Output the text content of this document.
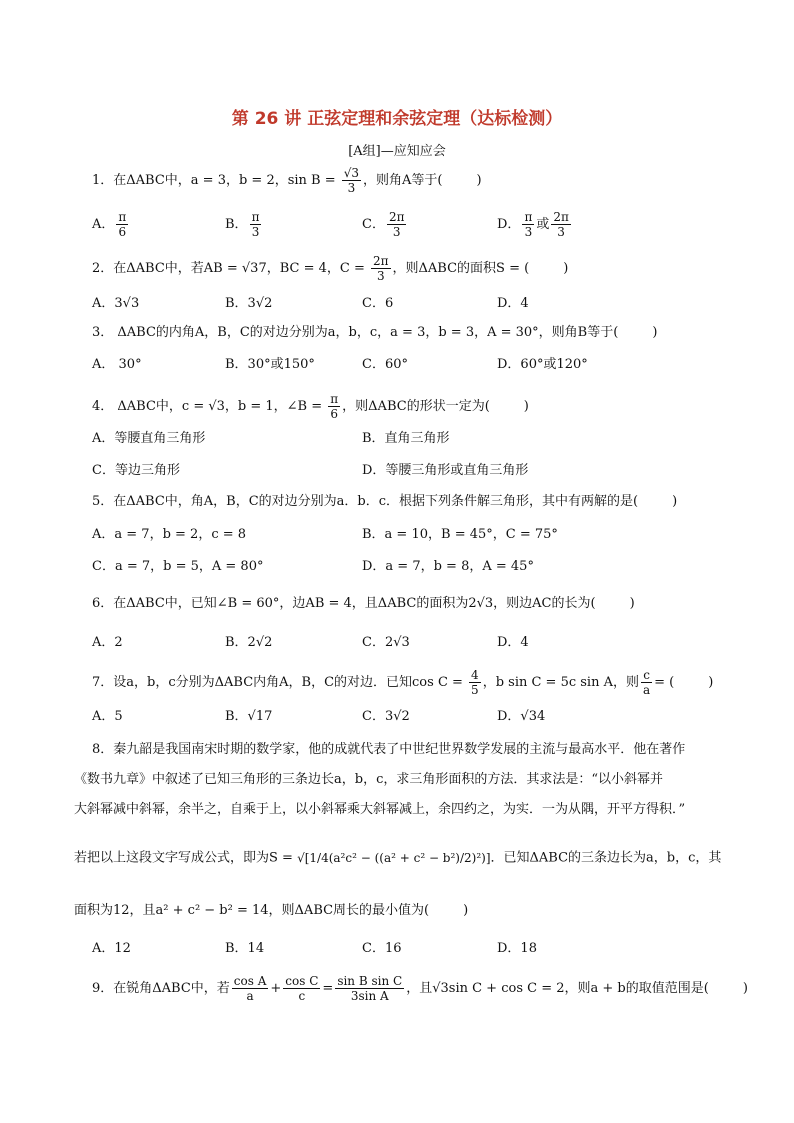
第 26 讲 正弦定理和余弦定理（达标检测）
[A组]—应知应会
1．在ΔABC中，a = 3，b = 2，$\sin B = \frac{√3}{3}$ ，则角A等于(	)
A． $\frac{\pi}{6}$	B． $\frac{\pi}{3}$	C． $\frac{2\pi}{3}$	D． $\frac{\pi}{3}$ 或 $\frac{2\pi}{3}$
2．在ΔABC中，若AB = √37，BC = 4，$C = \frac{2\pi}{3}$ ，则ΔABC的面积S = (	)
A．3√3	B．3√2	C．6	D．4
3． ΔABC的内角A，B，C的对边分别为a，b，c，a = 3，b = 3，A = 30°，则角B等于(	)
A． 30°	B．30°或150°	C．60°	D．60°或120°
4． ΔABC中，c = √3，b = 1，∠B = $\frac{\pi}{6}$ ，则ΔABC的形状一定为(	)
A．等腰直角三角形	B．直角三角形
C．等边三角形	D．等腰三角形或直角三角形
5．在ΔABC中，角A，B，C的对边分别为a．b．c．根据下列条件解三角形，其中有两解的是(	)
A．a = 7，b = 2，c = 8	B．a = 10，B = 45°，C = 75°
C．a = 7，b = 5，A = 80°	D．a = 7，b = 8，A = 45°
6．在ΔABC中，已知∠B = 60°，边AB = 4，且ΔABC的面积为2√3，则边AC的长为(	)
A．2	B．2√2	C．2√3	D．4
7．设a，b，c分别为ΔABC内角A，B，C的对边．已知$\cos C = \frac{4}{5}$ ，b sin C = 5c sin A，则 $\frac{c}{a}$ = (	)
A．5	B．√17	C．3√2	D．√34
8．秦九韶是我国南宋时期的数学家，他的成就代表了中世纪世界数学发展的主流与最高水平．他在著作
《数书九章》中叙述了已知三角形的三条边长a，b，c，求三角形面积的方法．其求法是：“以小斜幂并
大斜幂减中斜幂，余半之，自乘于上，以小斜幂乘大斜幂减上，余四约之，为实．一为从隅，开平方得积．”
若把以上这段文字写成公式，即为S = √[1/4(a²c² − ((a² + c² − b²)/2)²)]．已知ΔABC的三条边长为a，b，c，其
面积为12，且a² + c² − b² = 14，则ΔABC周长的最小值为(	)
A．12	B．14	C．16	D．18
9．在锐角ΔABC中，若 $\frac{\text{cos A}}{a} + \frac{\text{cos C}}{c} = \frac{\text{sin B sin C}}{\text{3sin A}}$ ，且√3sin C + cos C = 2，则a + b的取值范围是(	)
